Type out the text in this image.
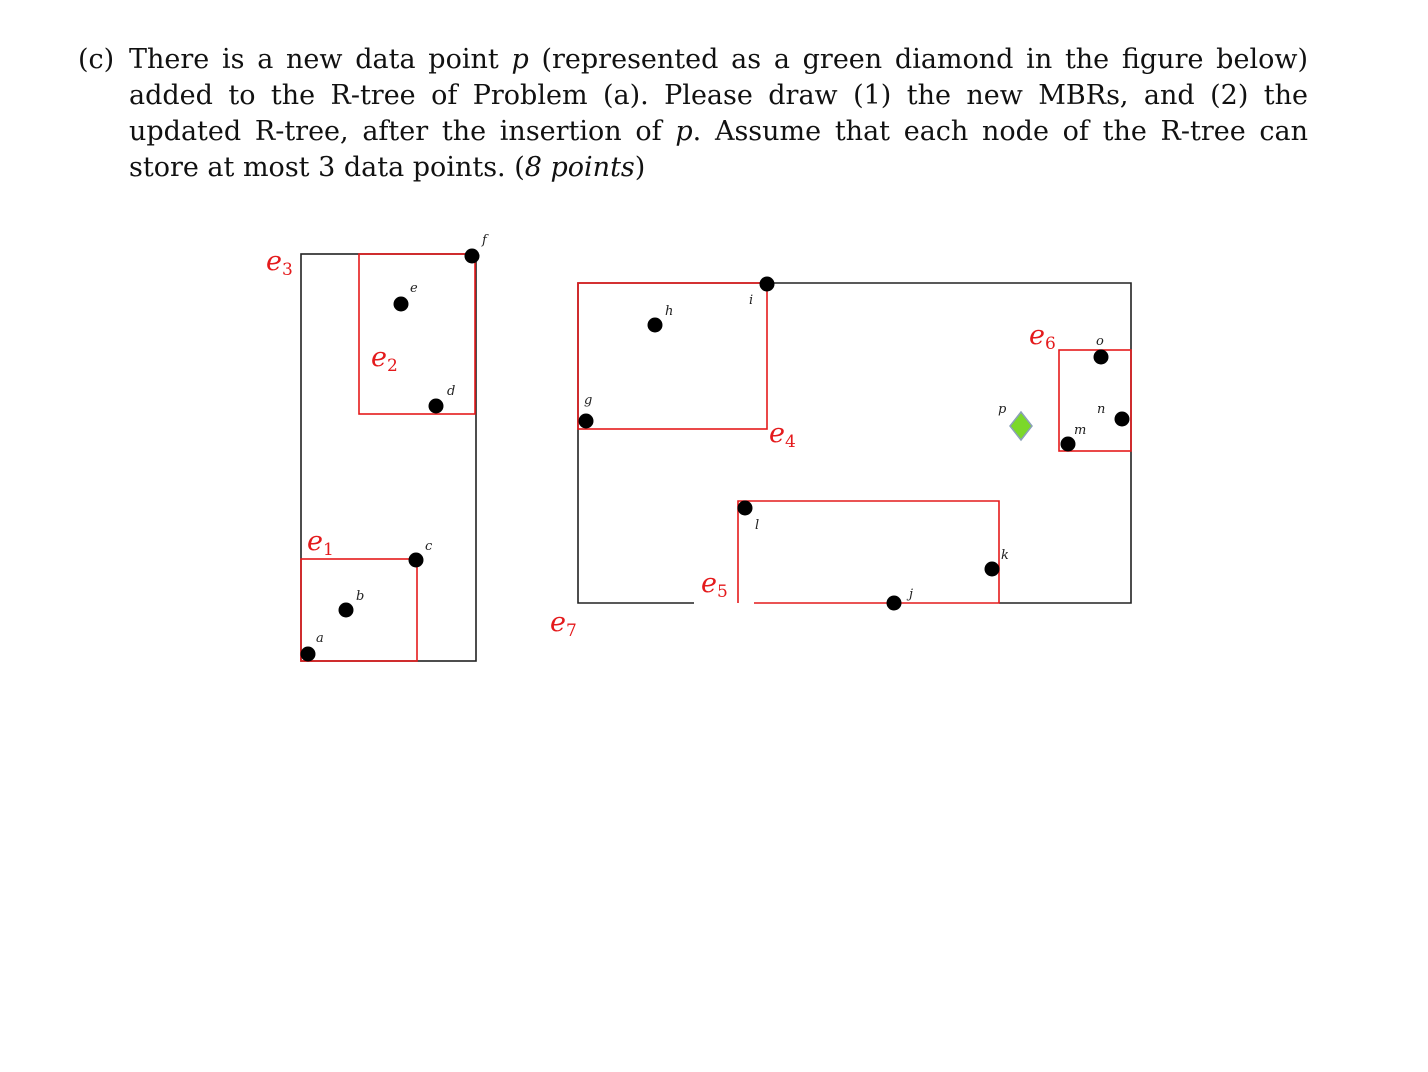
(c) There is a new data point p (represented as a green diamond in the figure below) added to the R-tree of Problem (a). Please draw (1) the new MBRs, and (2) the updated R-tree, after the insertion of p. Assume that each node of the R-tree can store at most 3 data points. (8 points)
e3
e2
e1
e4
e5
e6
e7
a
b
c
d
e
f
g
h
i
j
k
l
m
n
o
p
